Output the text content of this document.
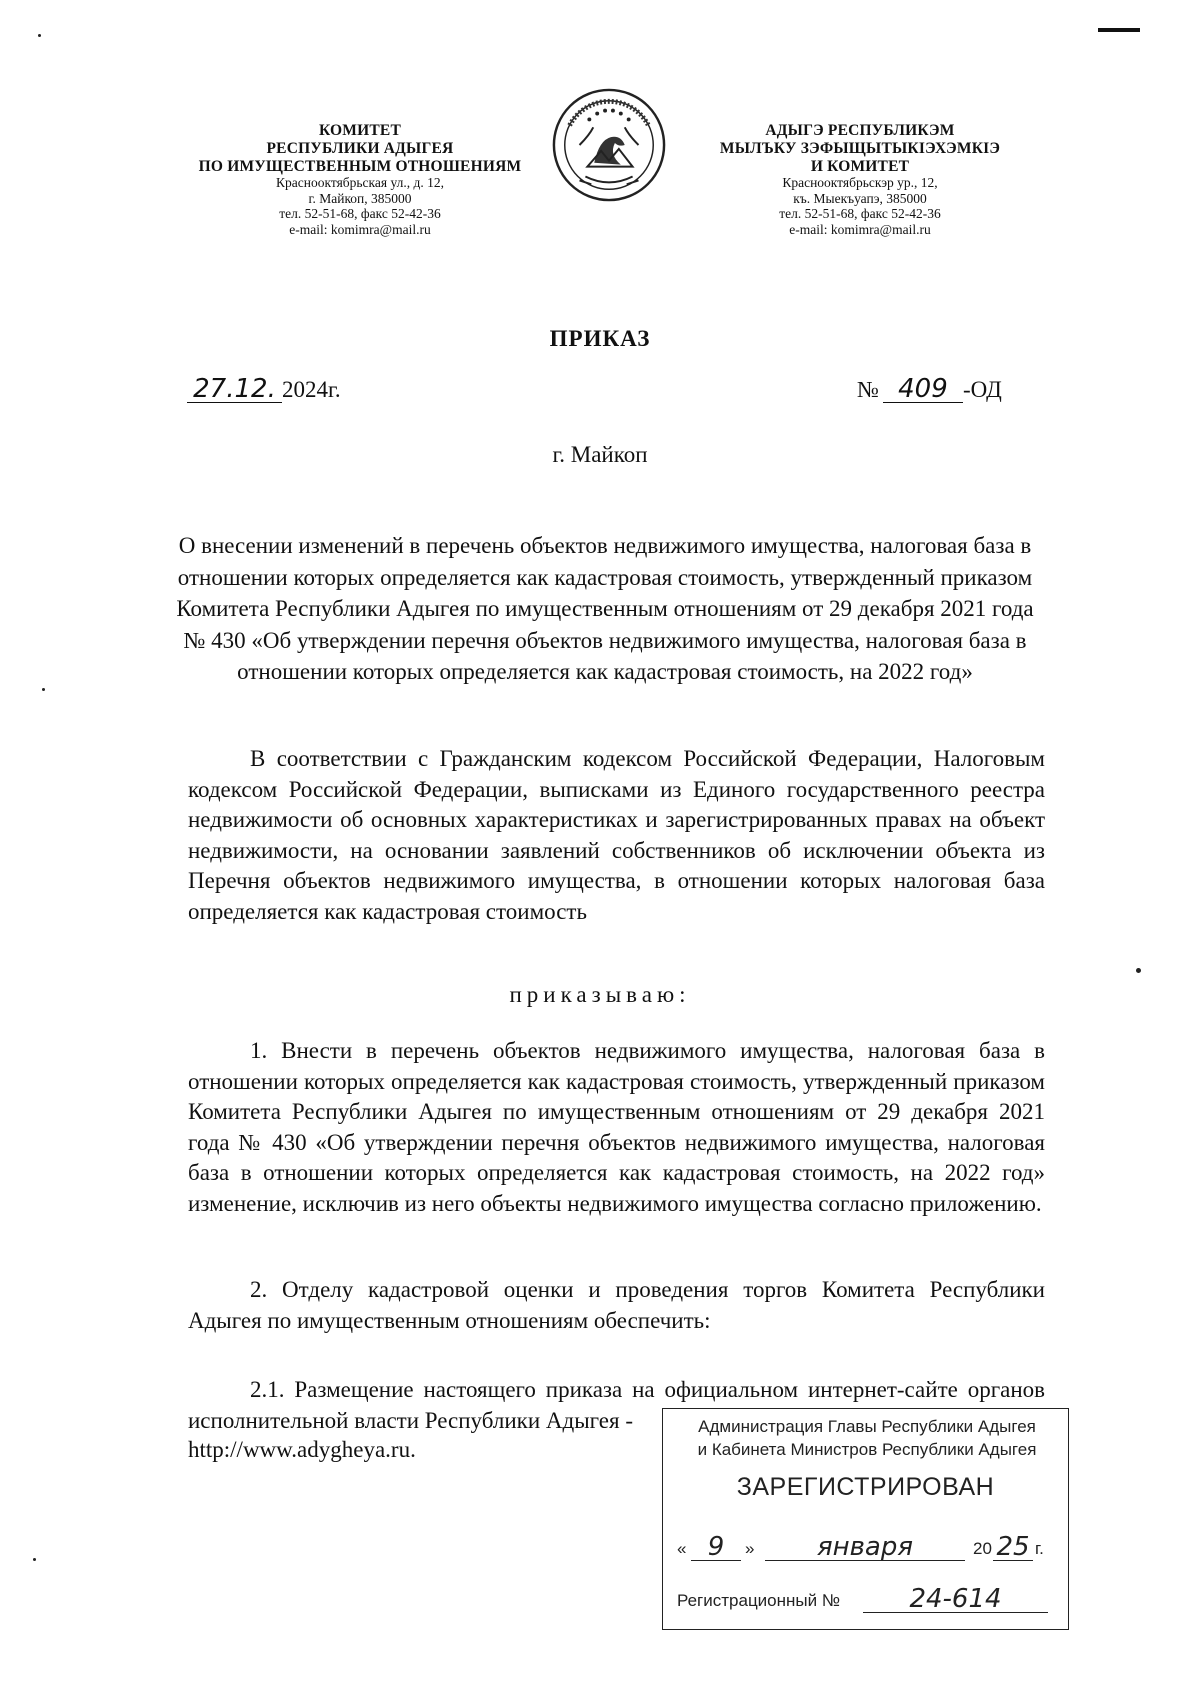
КОМИТЕТ
РЕСПУБЛИКИ АДЫГЕЯ
ПО ИМУЩЕСТВЕННЫМ ОТНОШЕНИЯМ
Краснооктябрьская ул., д. 12,
г. Майкоп, 385000
тел. 52-51-68, факс 52-42-36
e-mail: komimra@mail.ru
АДЫГЭ РЕСПУБЛИКЭМ
МЫЛЪКУ ЗЭФЫЩЫТЫКIЭХЭМКIЭ
И КОМИТЕТ
Краснооктябрьскэр ур., 12,
къ. Мыекъуапэ, 385000
тел. 52-51-68, факс 52-42-36
e-mail: komimra@mail.ru
ПРИКАЗ
27.12. 2024г.	№ 409 -ОД
г. Майкоп
О внесении изменений в перечень объектов недвижимого имущества, налоговая база в отношении которых определяется как кадастровая стоимость, утвержденный приказом Комитета Республики Адыгея по имущественным отношениям от 29 декабря 2021 года № 430 «Об утверждении перечня объектов недвижимого имущества, налоговая база в отношении которых определяется как кадастровая стоимость, на 2022 год»
В соответствии с Гражданским кодексом Российской Федерации, Налоговым кодексом Российской Федерации, выписками из Единого государственного реестра недвижимости об основных характеристиках и зарегистрированных правах на объект недвижимости, на основании заявлений собственников об исключении объекта из Перечня объектов недвижимого имущества, в отношении которых налоговая база определяется как кадастровая стоимость
приказываю:
1. Внести в перечень объектов недвижимого имущества, налоговая база в отношении которых определяется как кадастровая стоимость, утвержденный приказом Комитета Республики Адыгея по имущественным отношениям от 29 декабря 2021 года № 430 «Об утверждении перечня объектов недвижимого имущества, налоговая база в отношении которых определяется как кадастровая стоимость, на 2022 год» изменение, исключив из него объекты недвижимого имущества согласно приложению.
2. Отделу кадастровой оценки и проведения торгов Комитета Республики Адыгея по имущественным отношениям обеспечить:
2.1. Размещение настоящего приказа на официальном интернет-сайте органов исполнительной власти Республики Адыгея -
http://www.adygheya.ru.
Администрация Главы Республики Адыгея
и Кабинета Министров Республики Адыгея
ЗАРЕГИСТРИРОВАН
« 9	»	января	20 25 г.
Регистрационный №	24-614
